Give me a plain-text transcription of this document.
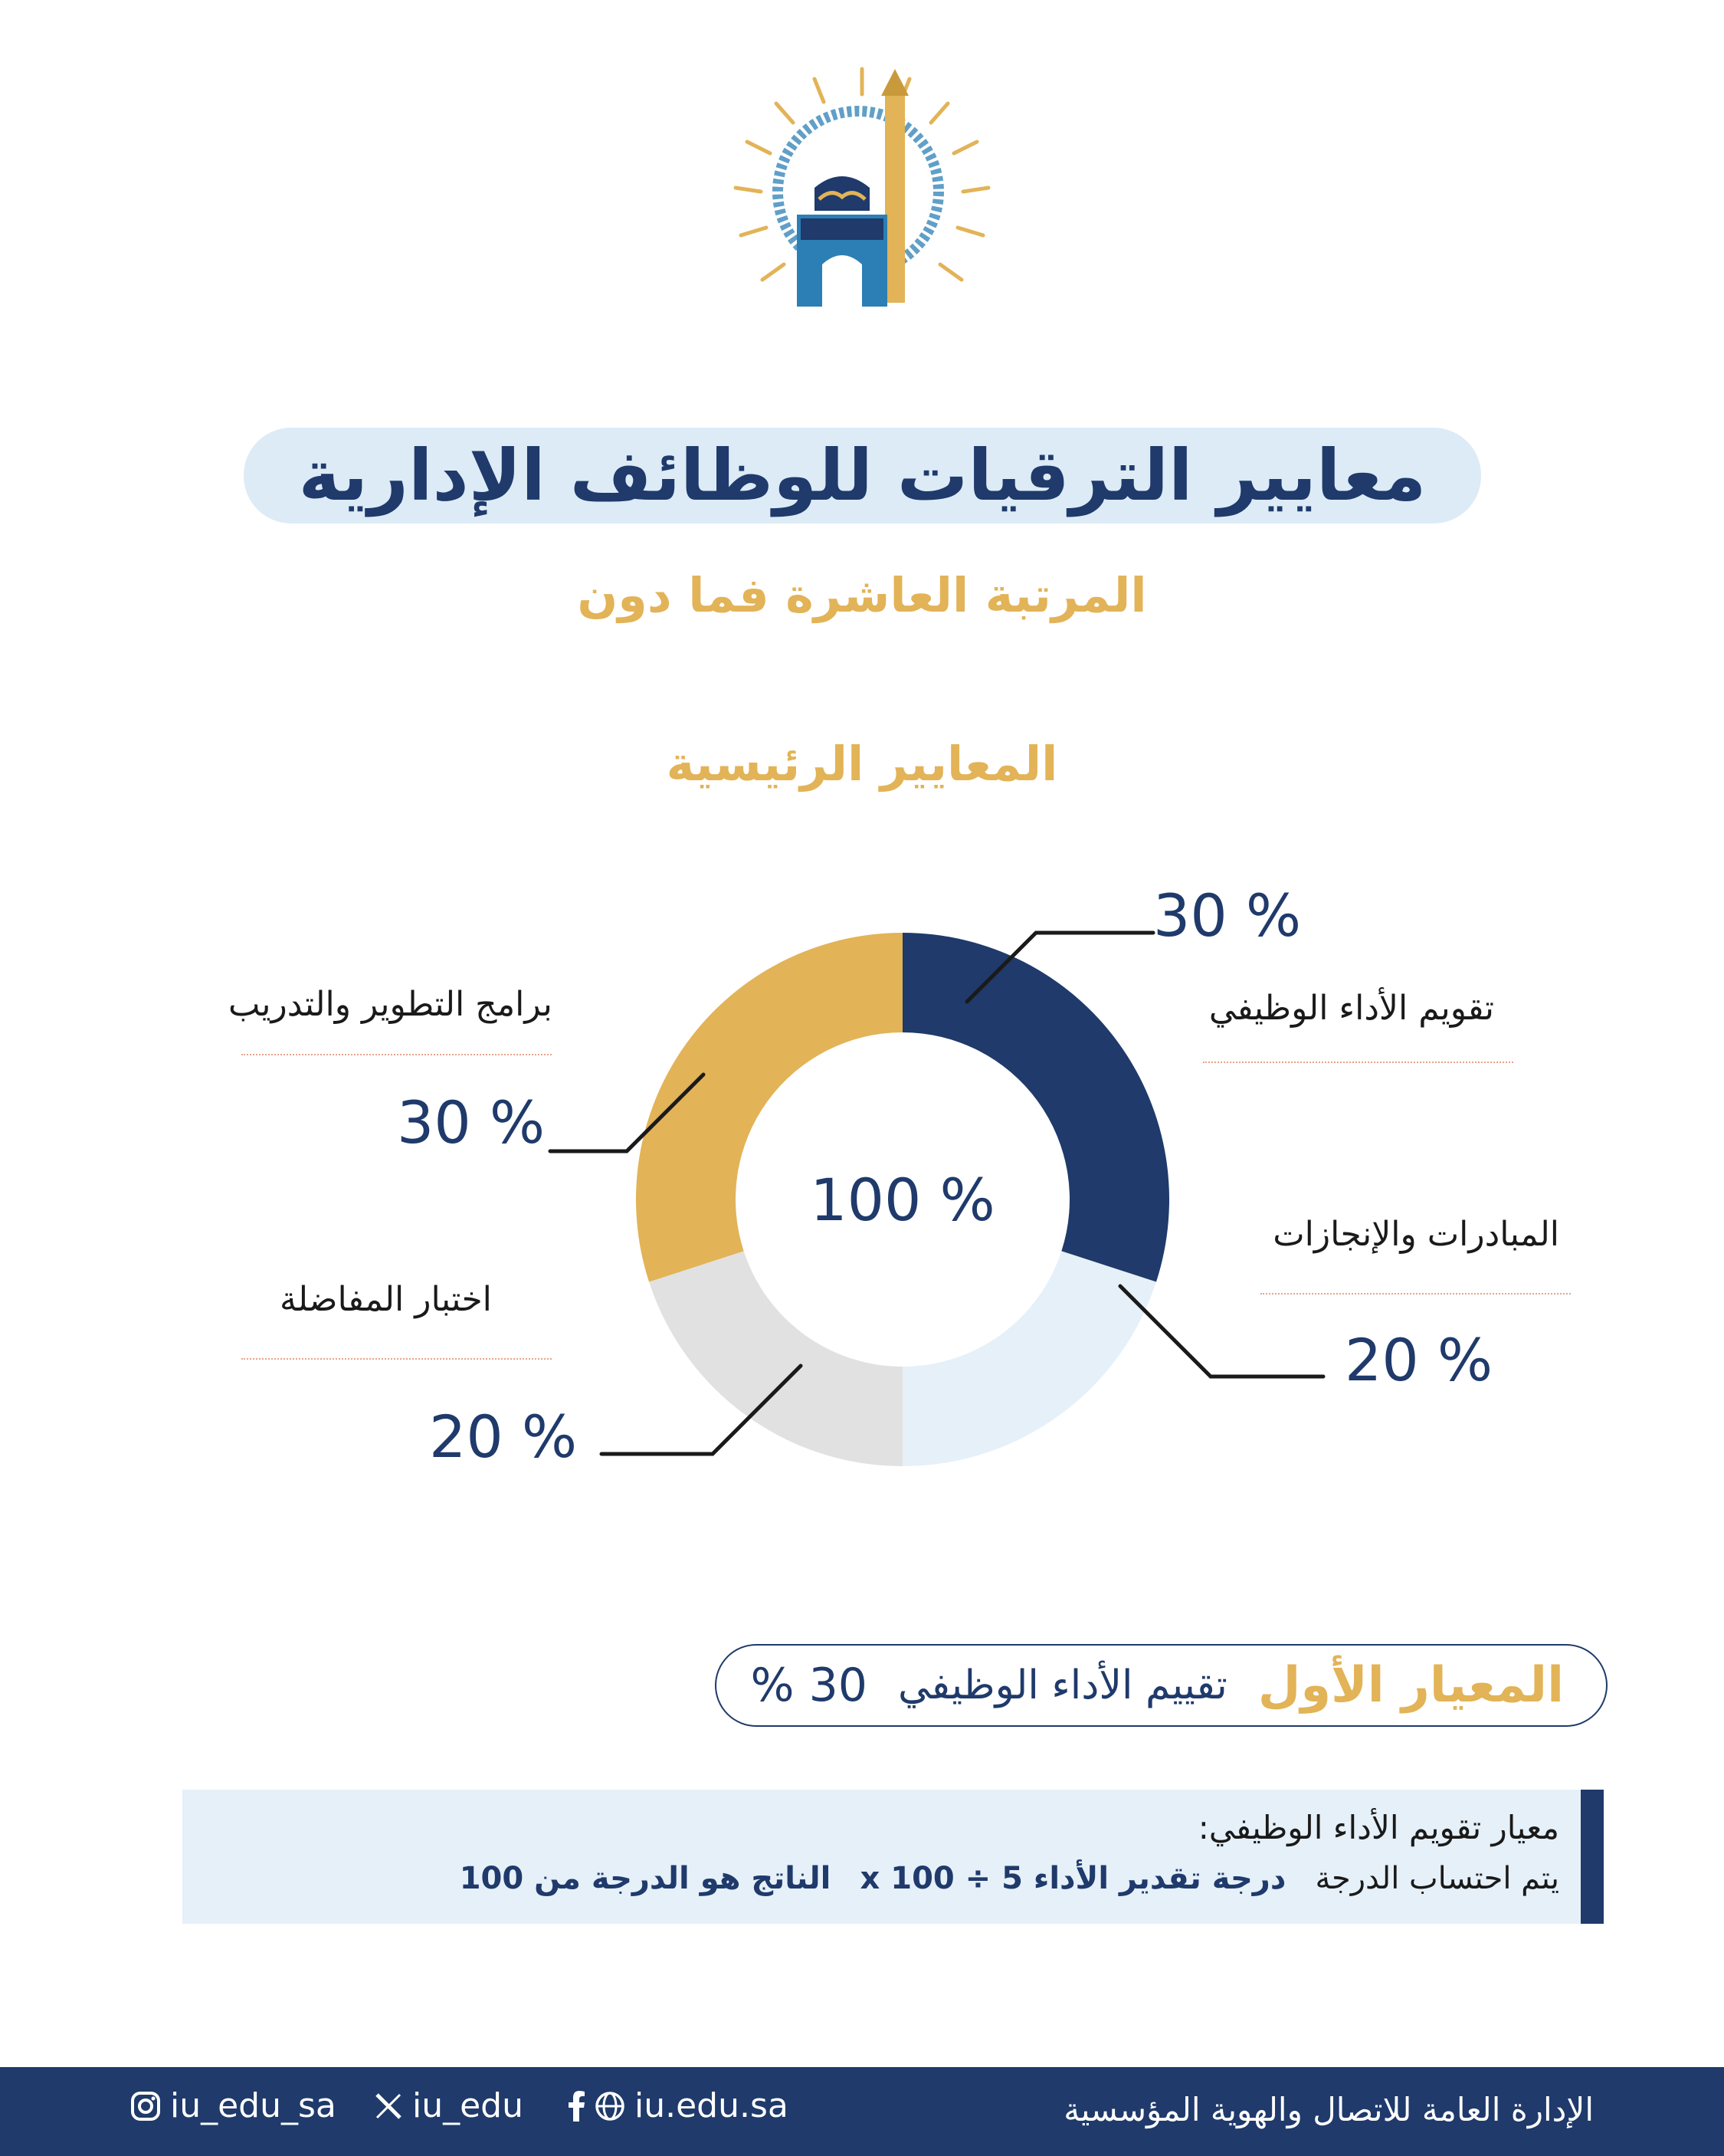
معايير الترقيات للوظائف الإدارية
المرتبة العاشرة فما دون
المعايير الرئيسية
% 100
تقويم الأداء الوظيفي
% 30
المبادرات والإنجازات
% 20
اختبار المفاضلة
% 20
برامج التطوير والتدريب
% 30
المعيار الأول
تقييم الأداء الوظيفي
30 %
معيار تقويم الأداء الوظيفي:
يتم احتساب الدرجة   درجة تقدير الأداء x 100 ÷ 5   الناتج هو الدرجة من 100
الإدارة العامة للاتصال والهوية المؤسسية
iu_edu_sa iu_edu	iu.edu.sa
